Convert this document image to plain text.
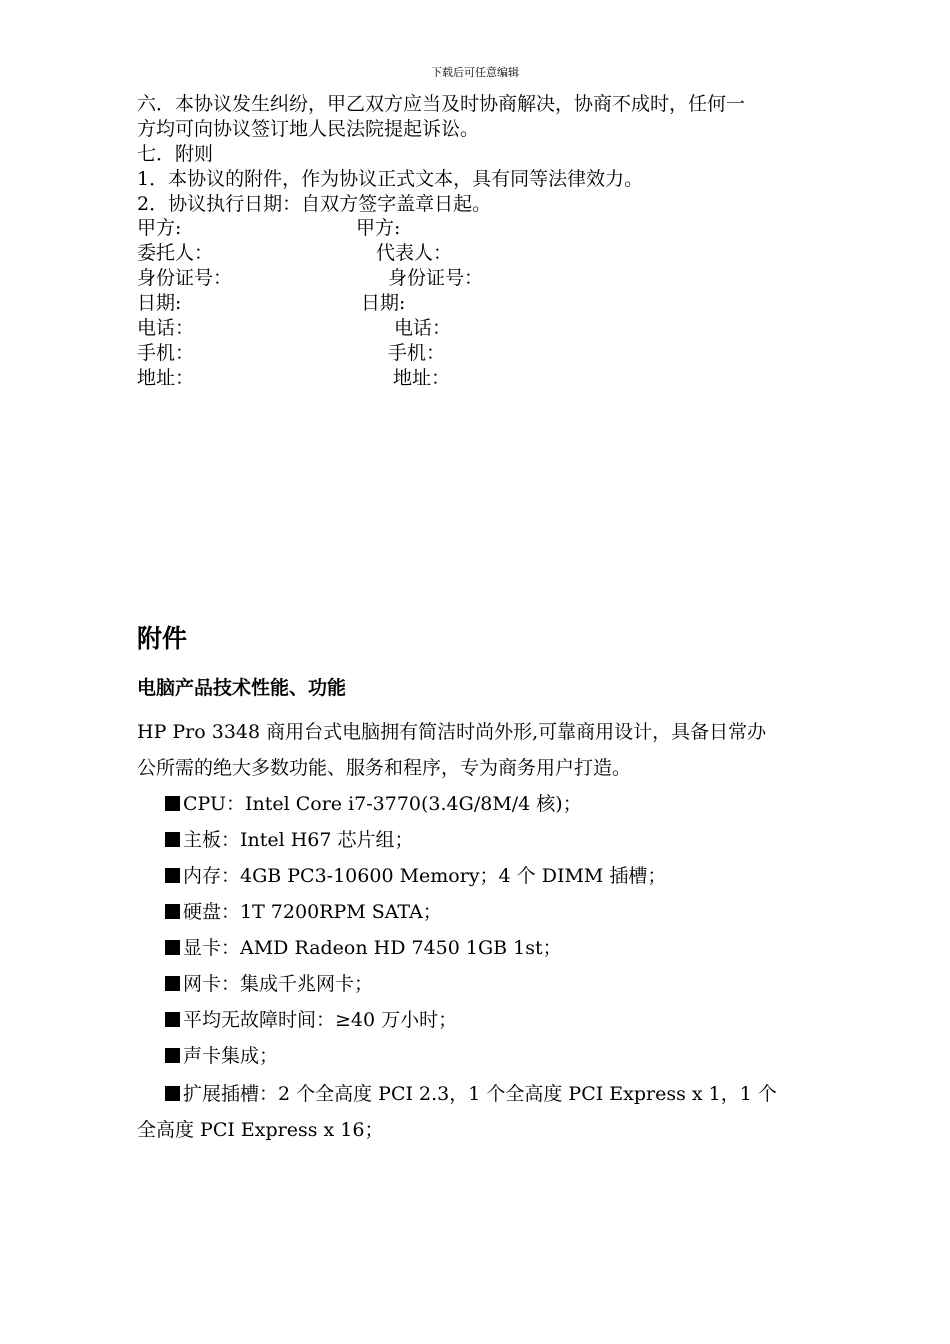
下载后可任意编辑
六．本协议发生纠纷，甲乙双方应当及时协商解决，协商不成时，任何一
方均可向协议签订地人民法院提起诉讼。
七．附则
1．本协议的附件，作为协议正式文本，具有同等法律效力。
2．协议执行日期：自双方签字盖章日起。
甲方:	甲方:
委托人：	代表人：
身份证号：	身份证号：
日期:	日期:
电话：	电话：
手机：	手机：
地址：	地址：
附件
电脑产品技术性能、功能
HP Pro 3348 商用台式电脑拥有简洁时尚外形,可靠商用设计，具备日常办
公所需的绝大多数功能、服务和程序，专为商务用户打造。
CPU：Intel Core i7-3770(3.4G/8M/4 核)；
主板：Intel H67 芯片组；
内存：4GB PC3-10600 Memory；4 个 DIMM 插槽；
硬盘：1T 7200RPM SATA；
显卡：AMD Radeon HD 7450 1GB 1st；
网卡：集成千兆网卡；
平均无故障时间：≥40 万小时；
声卡集成；
扩展插槽：2 个全高度 PCI 2.3，1 个全高度 PCI Express x 1，1 个
全高度 PCI Express x 16；
